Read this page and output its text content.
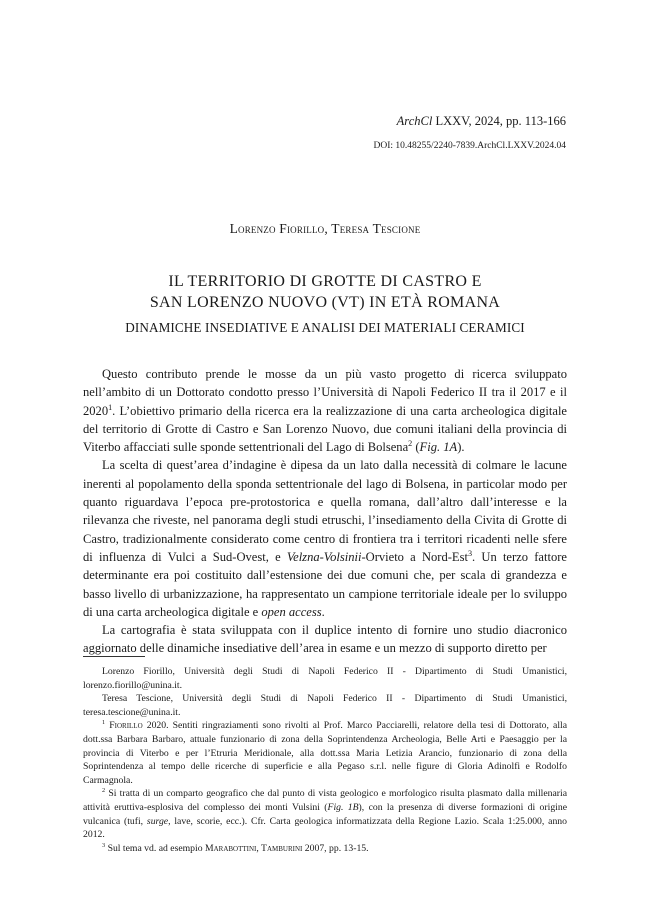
ArchCl LXXV, 2024, pp. 113-166
DOI: 10.48255/2240-7839.ArchCl.LXXV.2024.04
Lorenzo Fiorillo, Teresa Tescione
IL TERRITORIO DI GROTTE DI CASTRO E
SAN LORENZO NUOVO (VT) IN ETÀ ROMANA
DINAMICHE INSEDIATIVE E ANALISI DEI MATERIALI CERAMICI

Questo contributo prende le mosse da un più vasto progetto di ricerca sviluppato nell’ambito di un Dottorato condotto presso l’Università di Napoli Federico II tra il 2017 e il 2020$^1$. L’obiettivo primario della ricerca era la realizzazione di una carta archeologica digitale del territorio di Grotte di Castro e San Lorenzo Nuovo, due comuni italiani della provincia di Viterbo affacciati sulle sponde settentrionali del Lago di Bolsena$^2$ (Fig. 1A).

La scelta di quest’area d’indagine è dipesa da un lato dalla necessità di colmare le lacune inerenti al popolamento della sponda settentrionale del lago di Bolsena, in particolar modo per quanto riguardava l’epoca pre-protostorica e quella romana, dall’altro dall’interesse e la rilevanza che riveste, nel panorama degli studi etruschi, l’insediamento della Civita di Grotte di Castro, tradizionalmente considerato come centro di frontiera tra i territori ricadenti nelle sfere di influenza di Vulci a Sud-Ovest, e Velzna-Volsinii-Orvieto a Nord-Est$^3$. Un terzo fattore determinante era poi costituito dall’estensione dei due comuni che, per scala di grandezza e basso livello di urbanizzazione, ha rappresentato un campione territoriale ideale per lo sviluppo di una carta archeologica digitale e open access.

La cartografia è stata sviluppata con il duplice intento di fornire uno studio diacronico aggiornato delle dinamiche insediative dell’area in esame e un mezzo di supporto diretto per

Lorenzo Fiorillo, Università degli Studi di Napoli Federico II - Dipartimento di Studi Umanistici, lorenzo.fiorillo@unina.it.

Teresa Tescione, Università degli Studi di Napoli Federico II - Dipartimento di Studi Umanistici, teresa.tescione@unina.it.

$^1$ Fiorillo 2020. Sentiti ringraziamenti sono rivolti al Prof. Marco Pacciarelli, relatore della tesi di Dottorato, alla dott.ssa Barbara Barbaro, attuale funzionario di zona della Soprintendenza Archeologia, Belle Arti e Paesaggio per la provincia di Viterbo e per l’Etruria Meridionale, alla dott.ssa Maria Letizia Arancio, funzionario di zona della Soprintendenza al tempo delle ricerche di superficie e alla Pegaso s.r.l. nelle figure di Gloria Adinolfi e Rodolfo Carmagnola.

$^2$ Si tratta di un comparto geografico che dal punto di vista geologico e morfologico risulta plasmato dalla millenaria attività eruttiva-esplosiva del complesso dei monti Vulsini (Fig. 1B), con la presenza di diverse formazioni di origine vulcanica (tufi, surge, lave, scorie, ecc.). Cfr. Carta geologica informatizzata della Regione Lazio. Scala 1:25.000, anno 2012.

$^3$ Sul tema vd. ad esempio Marabottini, Tamburini 2007, pp. 13-15.
